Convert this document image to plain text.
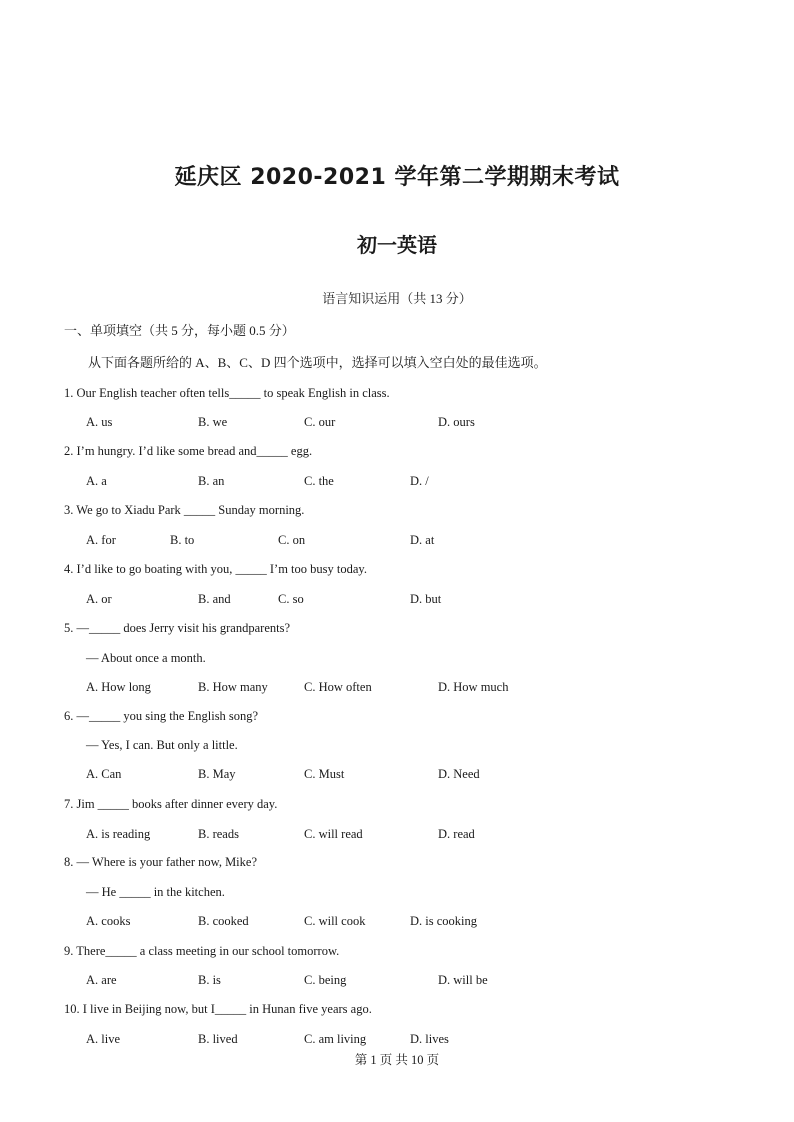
延庆区 2020-2021 学年第二学期期末考试
初一英语
语言知识运用（共 13 分）
一、单项填空（共 5 分，每小题 0.5 分）
从下面各题所给的 A、B、C、D 四个选项中，选择可以填入空白处的最佳选项。
1. Our English teacher often tells_____ to speak English in class.
A. us	B. we	C. our	D. ours
2. I’m hungry. I’d like some bread and_____ egg.
A. a	B. an	C. the	D. /
3. We go to Xiadu Park _____ Sunday morning.
A. for	B. to	C. on	D. at
4. I’d like to go boating with you, _____ I’m too busy today.
A. or	B. and	C. so	D. but
5. —_____ does Jerry visit his grandparents?
— About once a month.
A. How long	B. How many	C. How often	D. How much
6. —_____ you sing the English song?
— Yes, I can. But only a little.
A. Can	B. May	C. Must	D. Need
7. Jim _____ books after dinner every day.
A. is reading	B. reads	C. will read	D. read
8. — Where is your father now, Mike?
— He _____ in the kitchen.
A. cooks	B. cooked	C. will cook	D. is cooking
9. There_____ a class meeting in our school tomorrow.
A. are	B. is	C. being	D. will be
10. I live in Beijing now, but I_____ in Hunan five years ago.
A. live	B. lived	C. am living	D. lives
第 1 页 共 10 页
